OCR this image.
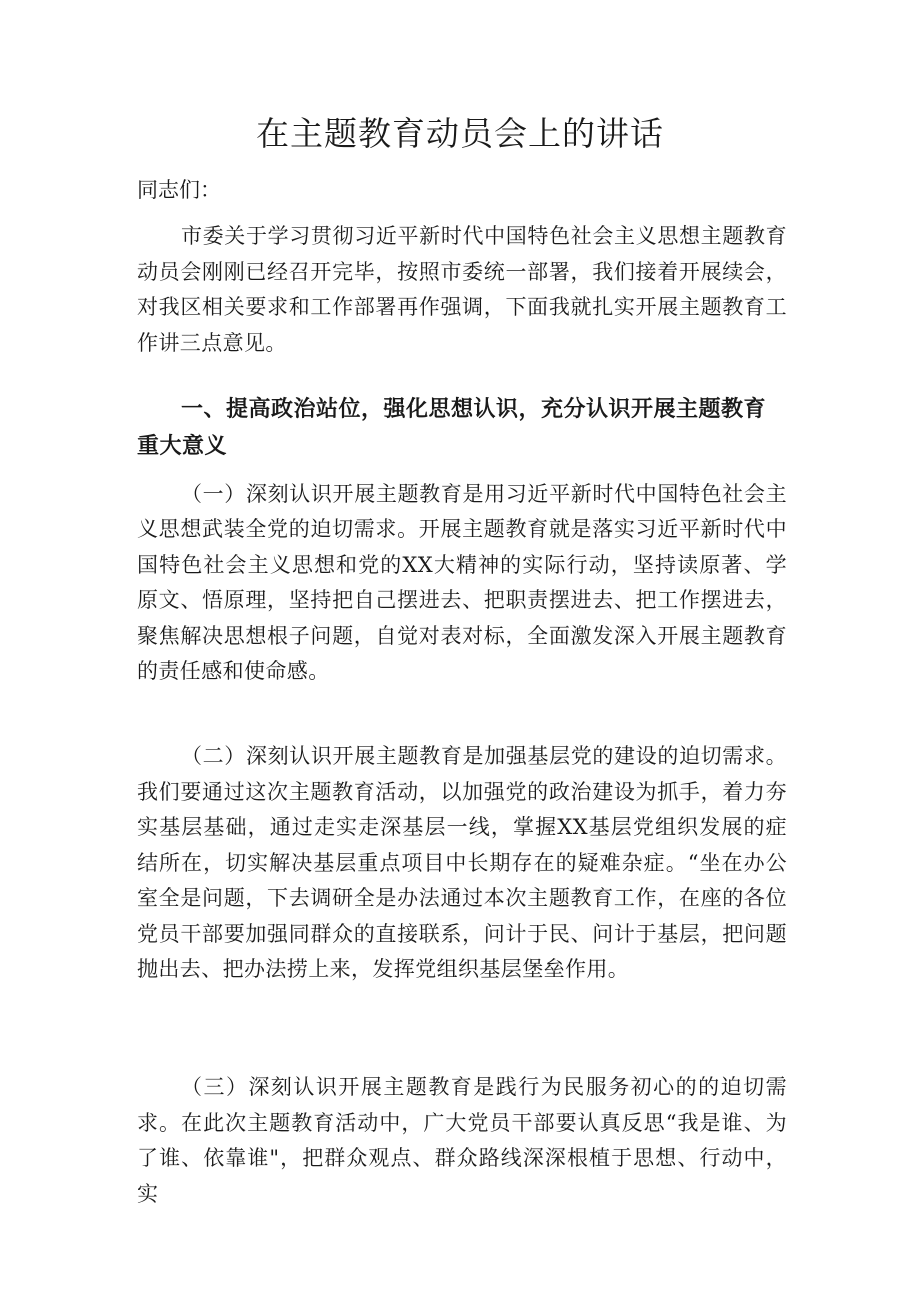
在主题教育动员会上的讲话

同志们：

市委关于学习贯彻习近平新时代中国特色社会主义思想主题教育动员会刚刚已经召开完毕，按照市委统一部署，我们接着开展续会，对我区相关要求和工作部署再作强调，下面我就扎实开展主题教育工作讲三点意见。

一、提高政治站位，强化思想认识，充分认识开展主题教育重大意义

（一）深刻认识开展主题教育是用习近平新时代中国特色社会主义思想武装全党的迫切需求。开展主题教育就是落实习近平新时代中国特色社会主义思想和党的XX大精神的实际行动，坚持读原著、学原文、悟原理，坚持把自己摆进去、把职责摆进去、把工作摆进去，聚焦解决思想根子问题，自觉对表对标，全面激发深入开展主题教育的责任感和使命感。

（二）深刻认识开展主题教育是加强基层党的建设的迫切需求。我们要通过这次主题教育活动，以加强党的政治建设为抓手，着力夯实基层基础，通过走实走深基层一线，掌握XX基层党组织发展的症结所在，切实解决基层重点项目中长期存在的疑难杂症。“坐在办公室全是问题，下去调研全是办法通过本次主题教育工作，在座的各位党员干部要加强同群众的直接联系，问计于民、问计于基层，把问题抛出去、把办法捞上来，发挥党组织基层堡垒作用。

（三）深刻认识开展主题教育是践行为民服务初心的的迫切需求。在此次主题教育活动中，广大党员干部要认真反思“我是谁、为了谁、依靠谁"，把群众观点、群众路线深深根植于思想、行动中，实
